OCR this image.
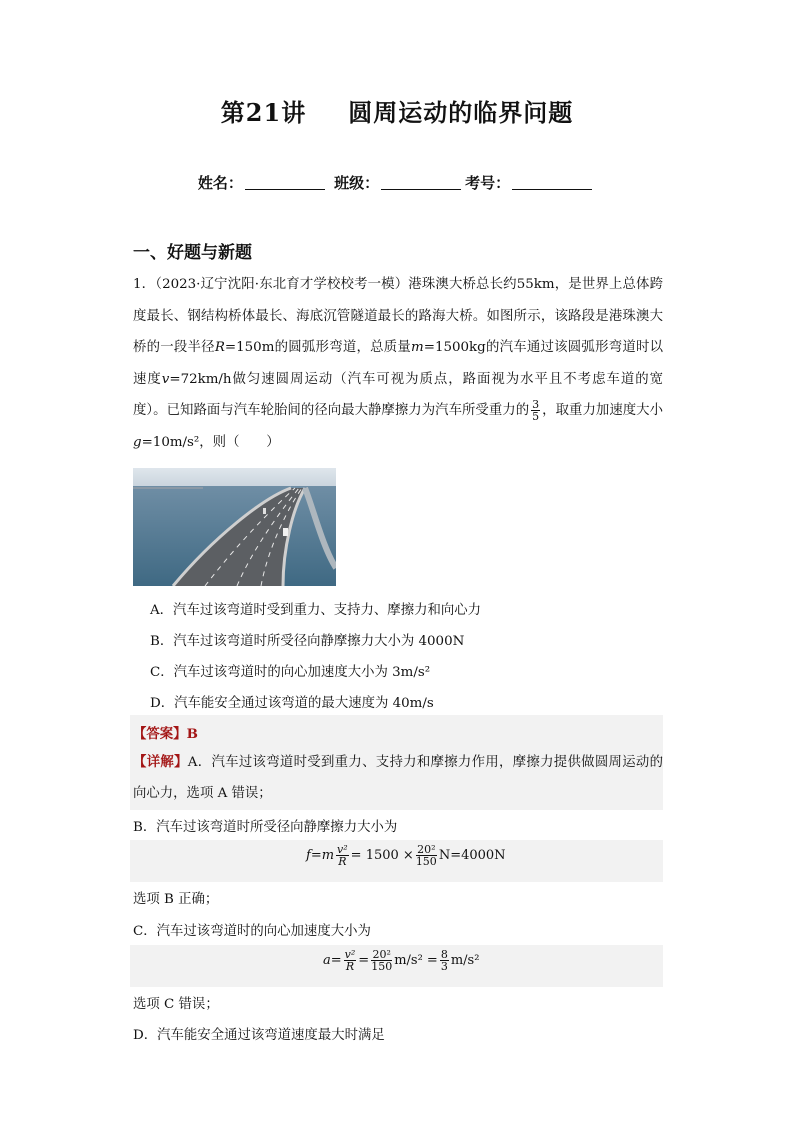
第21讲 圆周运动的临界问题
姓名：	班级：	考号：
一、好题与新题
1．（2023·辽宁沈阳·东北育才学校校考一模）港珠澳大桥总长约55km，是世界上总体跨度最长、钢结构桥体最长、海底沉管隧道最长的路海大桥。如图所示，该路段是港珠澳大桥的一段半径R=150m的圆弧形弯道，总质量m=1500kg的汽车通过该圆弧形弯道时以速度v=72km/h做匀速圆周运动（汽车可视为质点，路面视为水平且不考虑车道的宽度）。已知路面与汽车轮胎间的径向最大静摩擦力为汽车所受重力的 $\frac{3}{5}$ ，取重力加速度大小g=10m/s²，则（　　）
A．汽车过该弯道时受到重力、支持力、摩擦力和向心力
B．汽车过该弯道时所受径向静摩擦力大小为 4000N
C．汽车过该弯道时的向心加速度大小为 3m/s²
D．汽车能安全通过该弯道的最大速度为 40m/s
【答案】B
【详解】A．汽车过该弯道时受到重力、支持力和摩擦力作用，摩擦力提供做圆周运动的向心力，选项 A 错误；
B．汽车过该弯道时所受径向静摩擦力大小为
f = m $\frac{\text{v²}}{R} = 1500 \times \frac{\text{20²}}{150} N=4000N$
选项 B 正确；
C．汽车过该弯道时的向心加速度大小为
$a = \frac{\text{v²}}{R} = \frac{\text{20²}}{150} m/s^2 = \frac{8}{3} m/s^2$
选项 C 错误；
D．汽车能安全通过该弯道速度最大时满足
